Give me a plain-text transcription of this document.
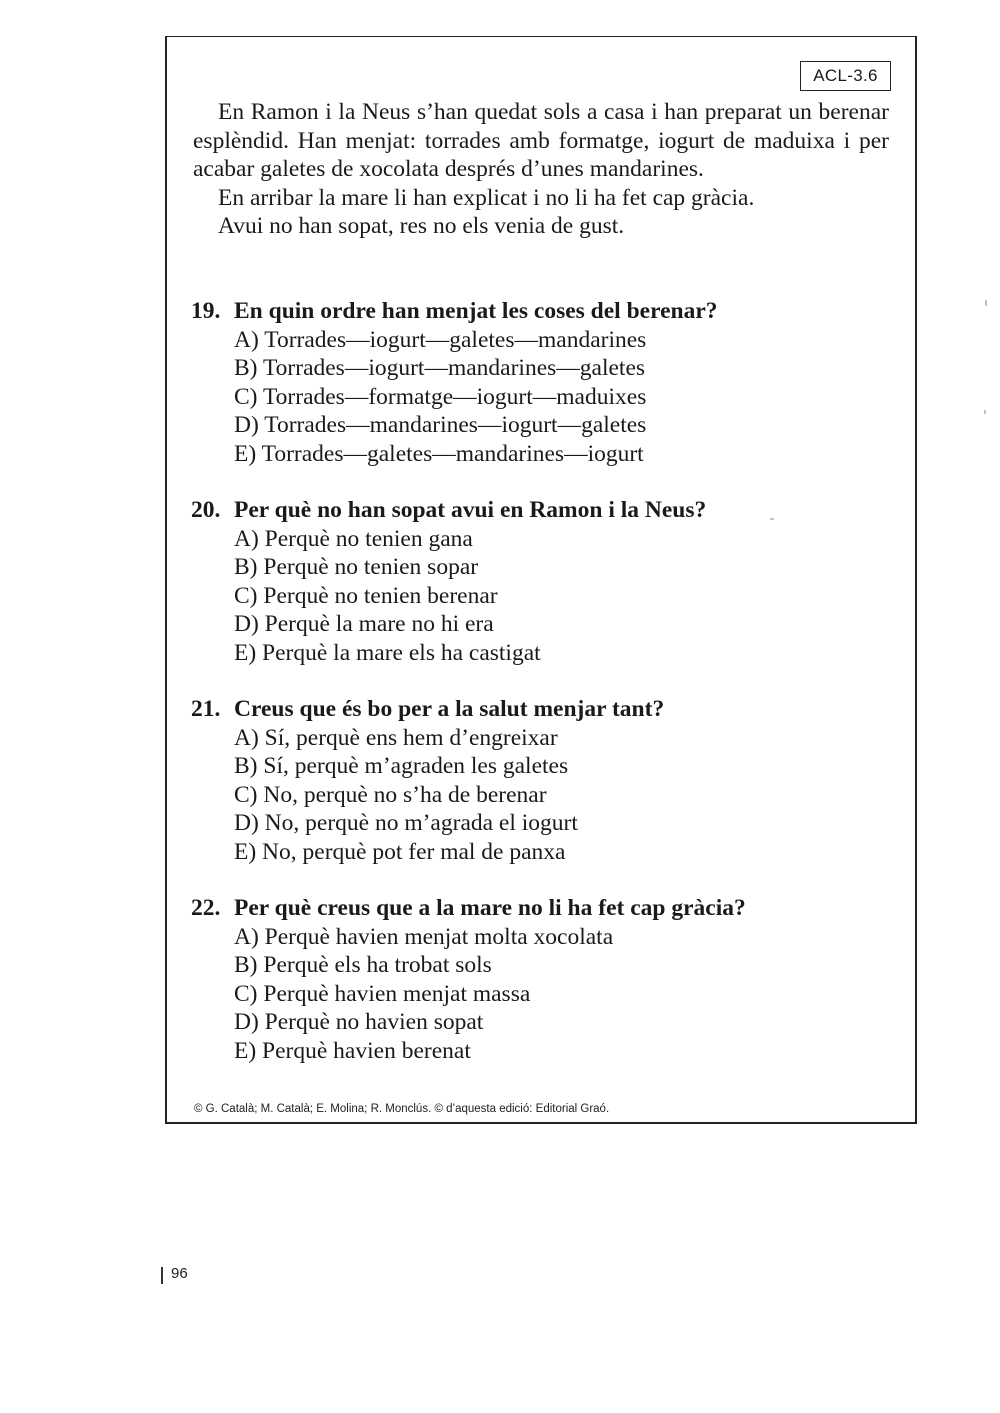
ACL-3.6

En Ramon i la Neus s’han quedat sols a casa i han preparat un berenar esplèndid. Han menjat: torrades amb formatge, iogurt de maduixa i per acabar galetes de xocolata després d’unes mandarines.

En arribar la mare li han explicat i no li ha fet cap gràcia.

Avui no han sopat, res no els venia de gust.

19. En quin ordre han menjat les coses del berenar?
A) Torrades—iogurt—galetes—mandarines
B) Torrades—iogurt—mandarines—galetes
C) Torrades—formatge—iogurt—maduixes
D) Torrades—mandarines—iogurt—galetes
E) Torrades—galetes—mandarines—iogurt
20. Per què no han sopat avui en Ramon i la Neus?
A) Perquè no tenien gana
B) Perquè no tenien sopar
C) Perquè no tenien berenar
D) Perquè la mare no hi era
E) Perquè la mare els ha castigat
21. Creus que és bo per a la salut menjar tant?
A) Sí, perquè ens hem d’engreixar
B) Sí, perquè m’agraden les galetes
C) No, perquè no s’ha de berenar
D) No, perquè no m’agrada el iogurt
E) No, perquè pot fer mal de panxa
22. Per què creus que a la mare no li ha fet cap gràcia?
A) Perquè havien menjat molta xocolata
B) Perquè els ha trobat sols
C) Perquè havien menjat massa
D) Perquè no havien sopat
E) Perquè havien berenat
© G. Català; M. Català; E. Molina; R. Monclús. © d’aquesta edició: Editorial Graó.
96
